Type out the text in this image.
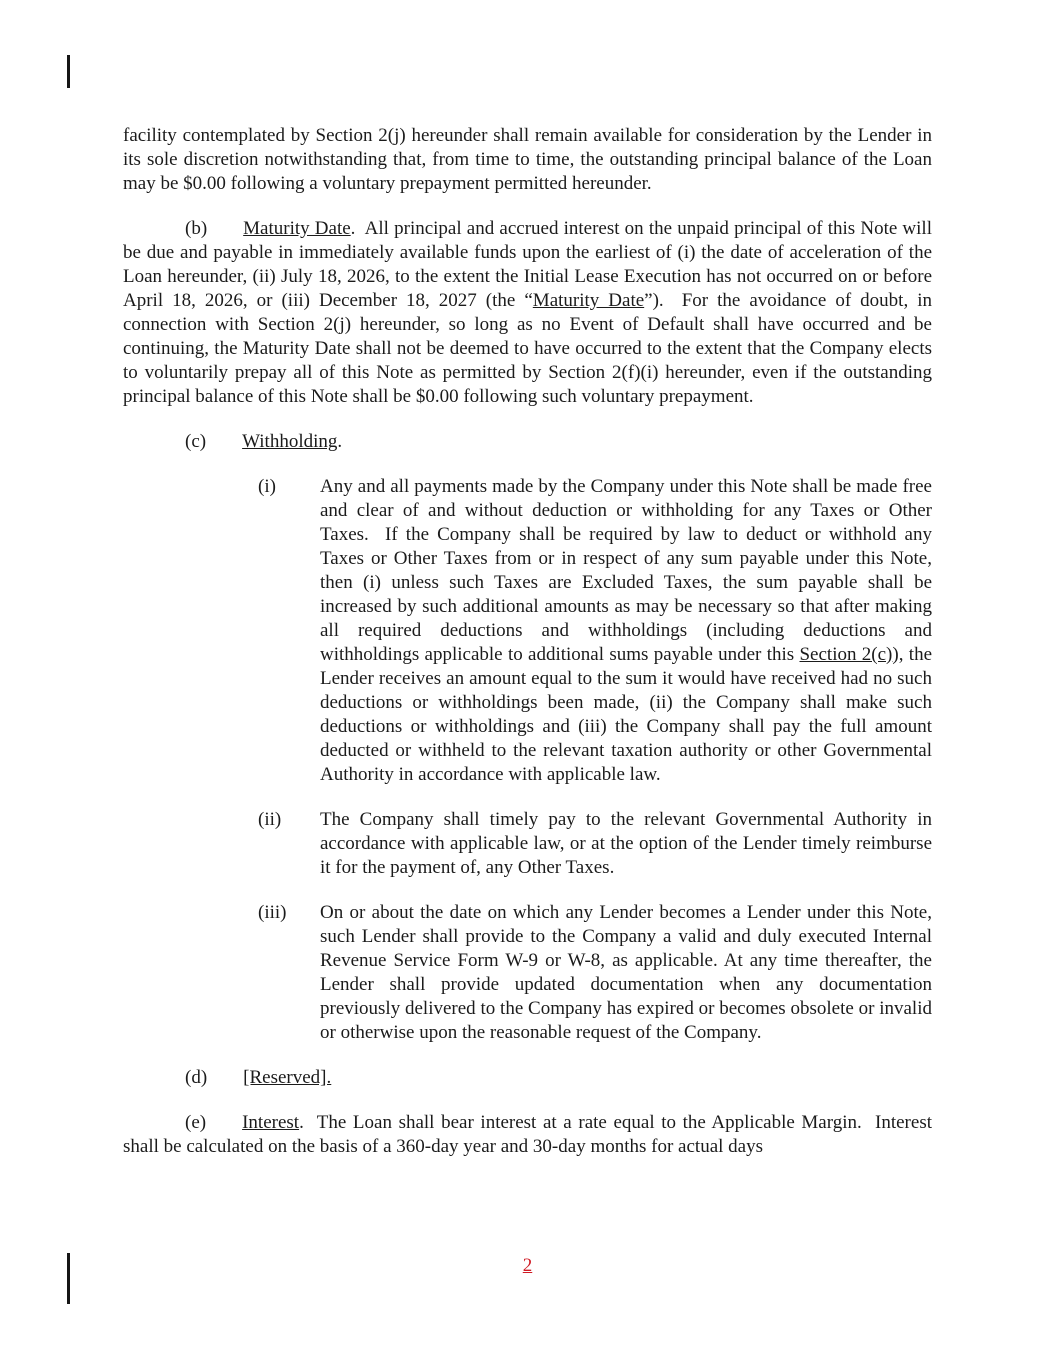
facility contemplated by Section 2(j) hereunder shall remain available for consideration by the Lender in its sole discretion notwithstanding that, from time to time, the outstanding principal balance of the Loan may be $0.00 following a voluntary prepayment permitted hereunder.

(b) Maturity Date.  All principal and accrued interest on the unpaid principal of this Note will be due and payable in immediately available funds upon the earliest of (i) the date of acceleration of the Loan hereunder, (ii) July 18, 2026, to the extent the Initial Lease Execution has not occurred on or before April 18, 2026, or (iii) December 18, 2027 (the “Maturity Date”).  For the avoidance of doubt, in connection with Section 2(j) hereunder, so long as no Event of Default shall have occurred and be continuing, the Maturity Date shall not be deemed to have occurred to the extent that the Company elects to voluntarily prepay all of this Note as permitted by Section 2(f)(i) hereunder, even if the outstanding principal balance of this Note shall be $0.00 following such voluntary prepayment.

(c) Withholding.

(i)	Any and all payments made by the Company under this Note shall be made free and clear of and without deduction or withholding for any Taxes or Other Taxes.  If the Company shall be required by law to deduct or withhold any Taxes or Other Taxes from or in respect of any sum payable under this Note, then (i) unless such Taxes are Excluded Taxes, the sum payable shall be increased by such additional amounts as may be necessary so that after making all required deductions and withholdings (including deductions and withholdings applicable to additional sums payable under this Section 2(c)), the Lender receives an amount equal to the sum it would have received had no such deductions or withholdings been made, (ii) the Company shall make such deductions or withholdings and (iii) the Company shall pay the full amount deducted or withheld to the relevant taxation authority or other Governmental Authority in accordance with applicable law.
(ii)	The Company shall timely pay to the relevant Governmental Authority in accordance with applicable law, or at the option of the Lender timely reimburse it for the payment of, any Other Taxes.
(iii)	On or about the date on which any Lender becomes a Lender under this Note, such Lender shall provide to the Company a valid and duly executed Internal Revenue Service Form W-9 or W-8, as applicable. At any time thereafter, the Lender shall provide updated documentation when any documentation previously delivered to the Company has expired or becomes obsolete or invalid or otherwise upon the reasonable request of the Company.

(d) [Reserved].

(e) Interest.  The Loan shall bear interest at a rate equal to the Applicable Margin.  Interest shall be calculated on the basis of a 360-day year and 30-day months for actual days

2
